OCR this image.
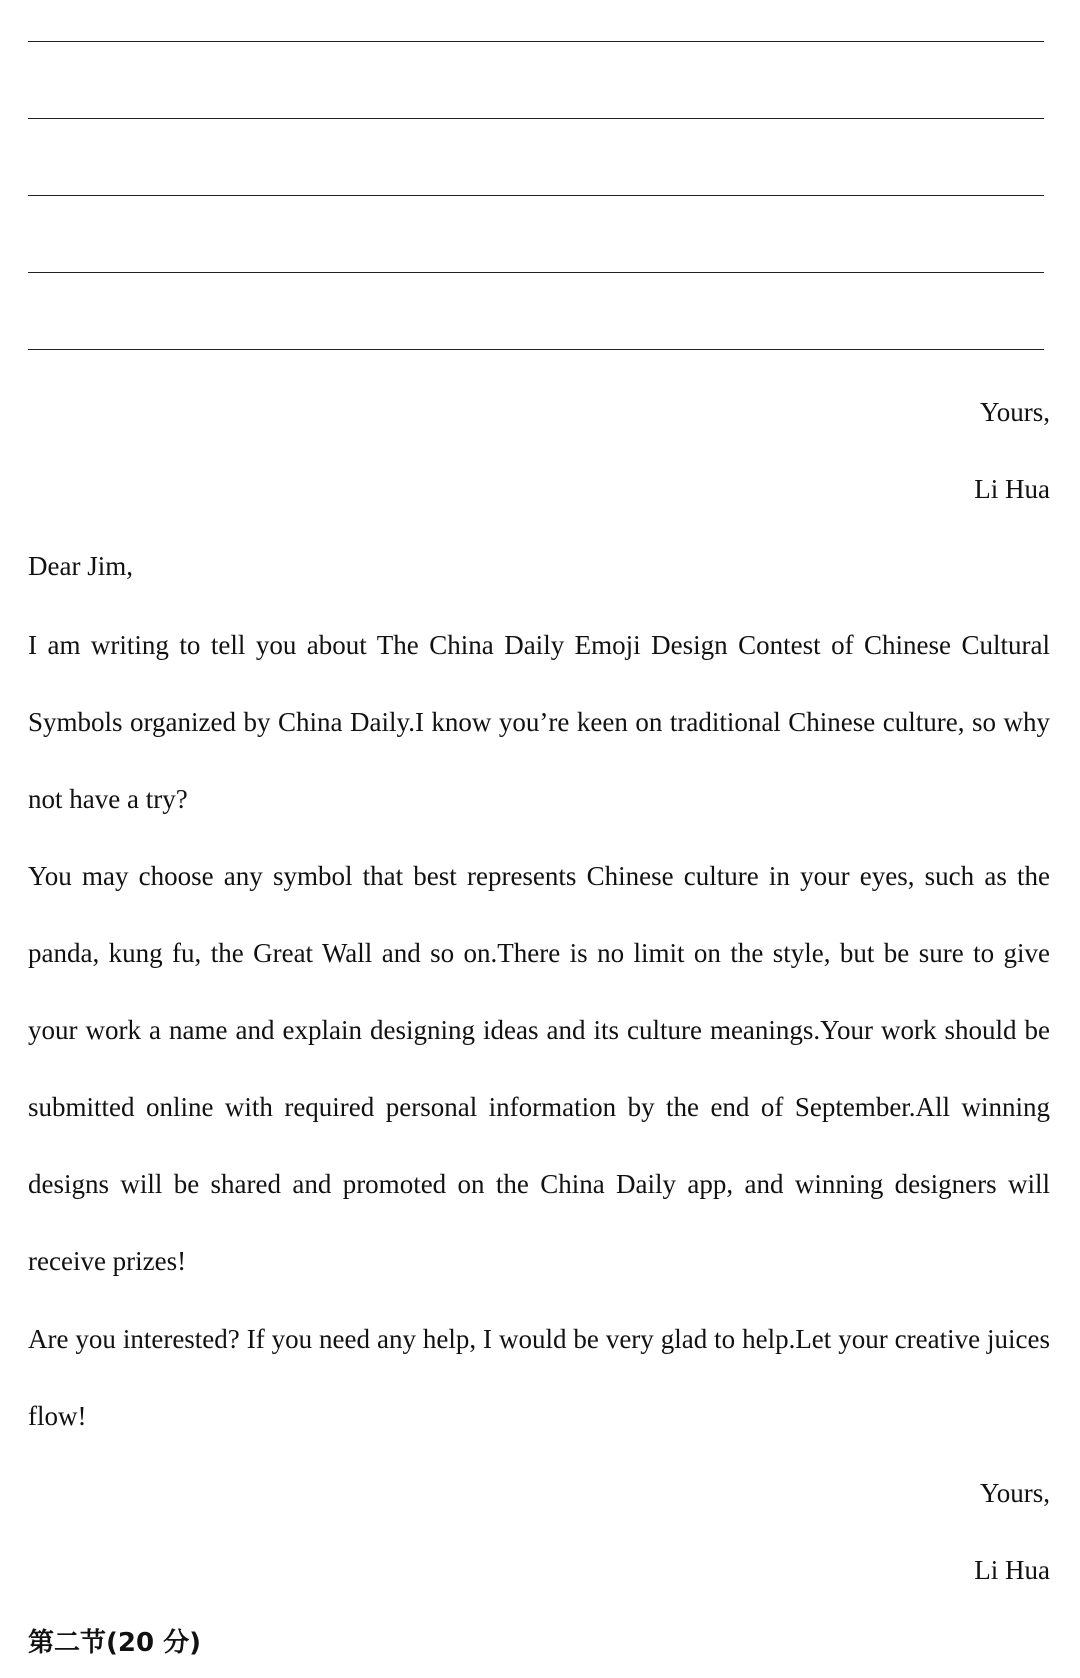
Yours,
Li Hua
Dear Jim,
I am writing to tell you about The China Daily Emoji Design Contest of Chinese Cultural Symbols organized by China Daily.I know you’re keen on traditional Chinese culture, so why not have a try?
You may choose any symbol that best represents Chinese culture in your eyes, such as the panda, kung fu, the Great Wall and so on.There is no limit on the style, but be sure to give your work a name and explain designing ideas and its culture meanings.Your work should be submitted online with required personal information by the end of September.All winning designs will be shared and promoted on the China Daily app, and winning designers will receive prizes!
Are you interested? If you need any help, I would be very glad to help.Let your creative juices flow!
Yours,
Li Hua
第二节(20 分)
